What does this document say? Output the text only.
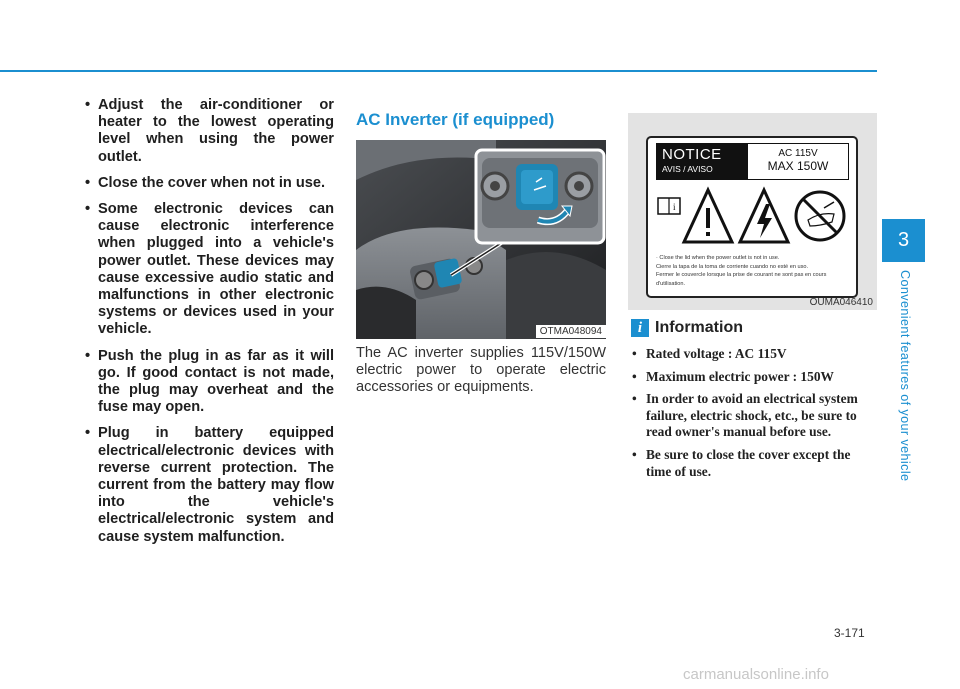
• Adjust the air-conditioner or heater to the lowest operating level when using the power outlet.
• Close the cover when not in use.
• Some electronic devices can cause electronic interference when plugged into a vehicle's power outlet. These devices may cause excessive audio static and malfunctions in other electronic systems or devices used in your vehicle.
• Push the plug in as far as it will go. If good contact is not made, the plug may overheat and the fuse may open.
• Plug in battery equipped electrical/electronic devices with reverse current protection. The current from the battery may flow into the vehicle's electrical/electronic system and cause system malfunction.
AC Inverter (if equipped)
OTMA048094

The AC inverter supplies 115V/150W electric power to operate electric accessories or equipments.

NOTICE
AVIS / AVISO
AC 115V
MAX 150W
i
· Close the lid when the power outlet is not in use.
Cierre la tapa de la toma de corriente cuando no esté en uso.
Fermer le couvercle lorsque la prise de courant ne sont pas en cours d'utilisation.
OUMA046410
i Information
• Rated voltage : AC 115V
• Maximum electric power : 150W
• In order to avoid an electrical system failure, electric shock, etc., be sure to read owner's manual before use.
• Be sure to close the cover except the time of use.
3
Convenient features of your vehicle
3-171
carmanualsonline.info
